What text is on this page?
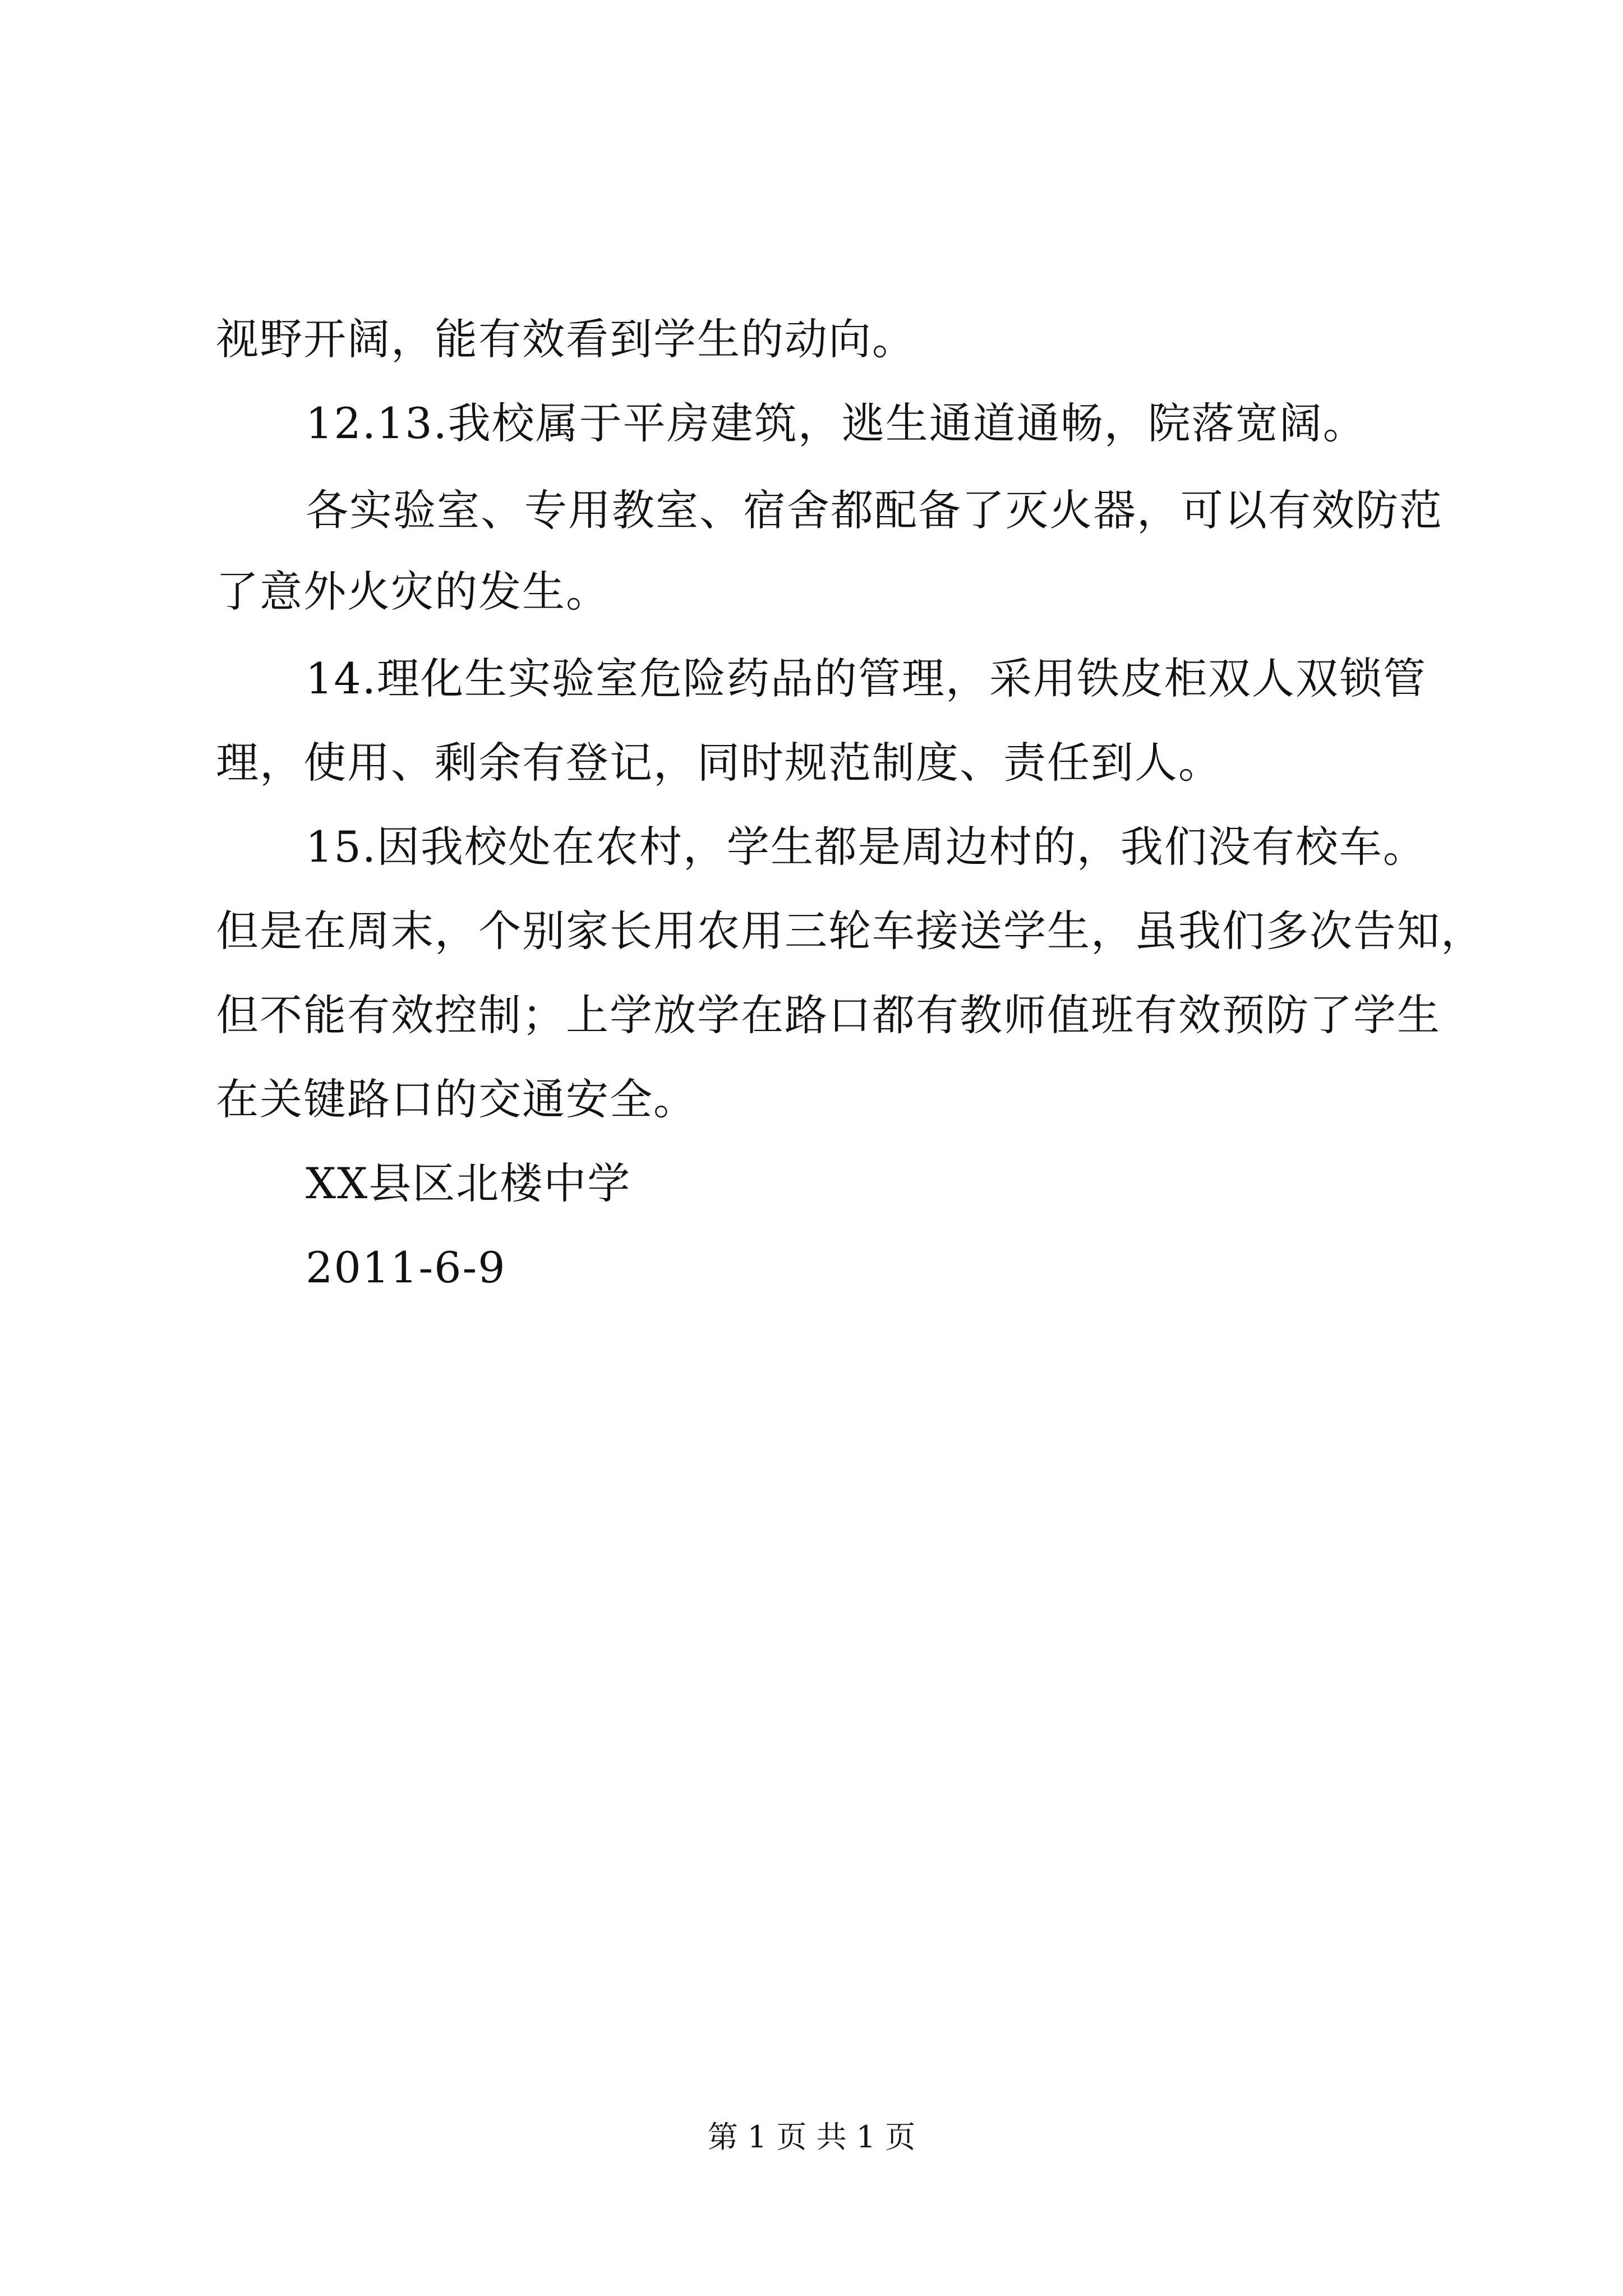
视野开阔，能有效看到学生的动向。
12.13.我校属于平房建筑，逃生通道通畅，院落宽阔。
各实验室、专用教室、宿舍都配备了灭火器，可以有效防范
了意外火灾的发生。
14.理化生实验室危险药品的管理，采用铁皮柜双人双锁管
理，使用、剩余有登记，同时规范制度、责任到人。
15.因我校处在农村，学生都是周边村的，我们没有校车。
但是在周末，个别家长用农用三轮车接送学生，虽我们多次告知，
但不能有效控制；上学放学在路口都有教师值班有效预防了学生
在关键路口的交通安全。
XX县区北楼中学
2011-6-9
第 1 页 共 1 页
